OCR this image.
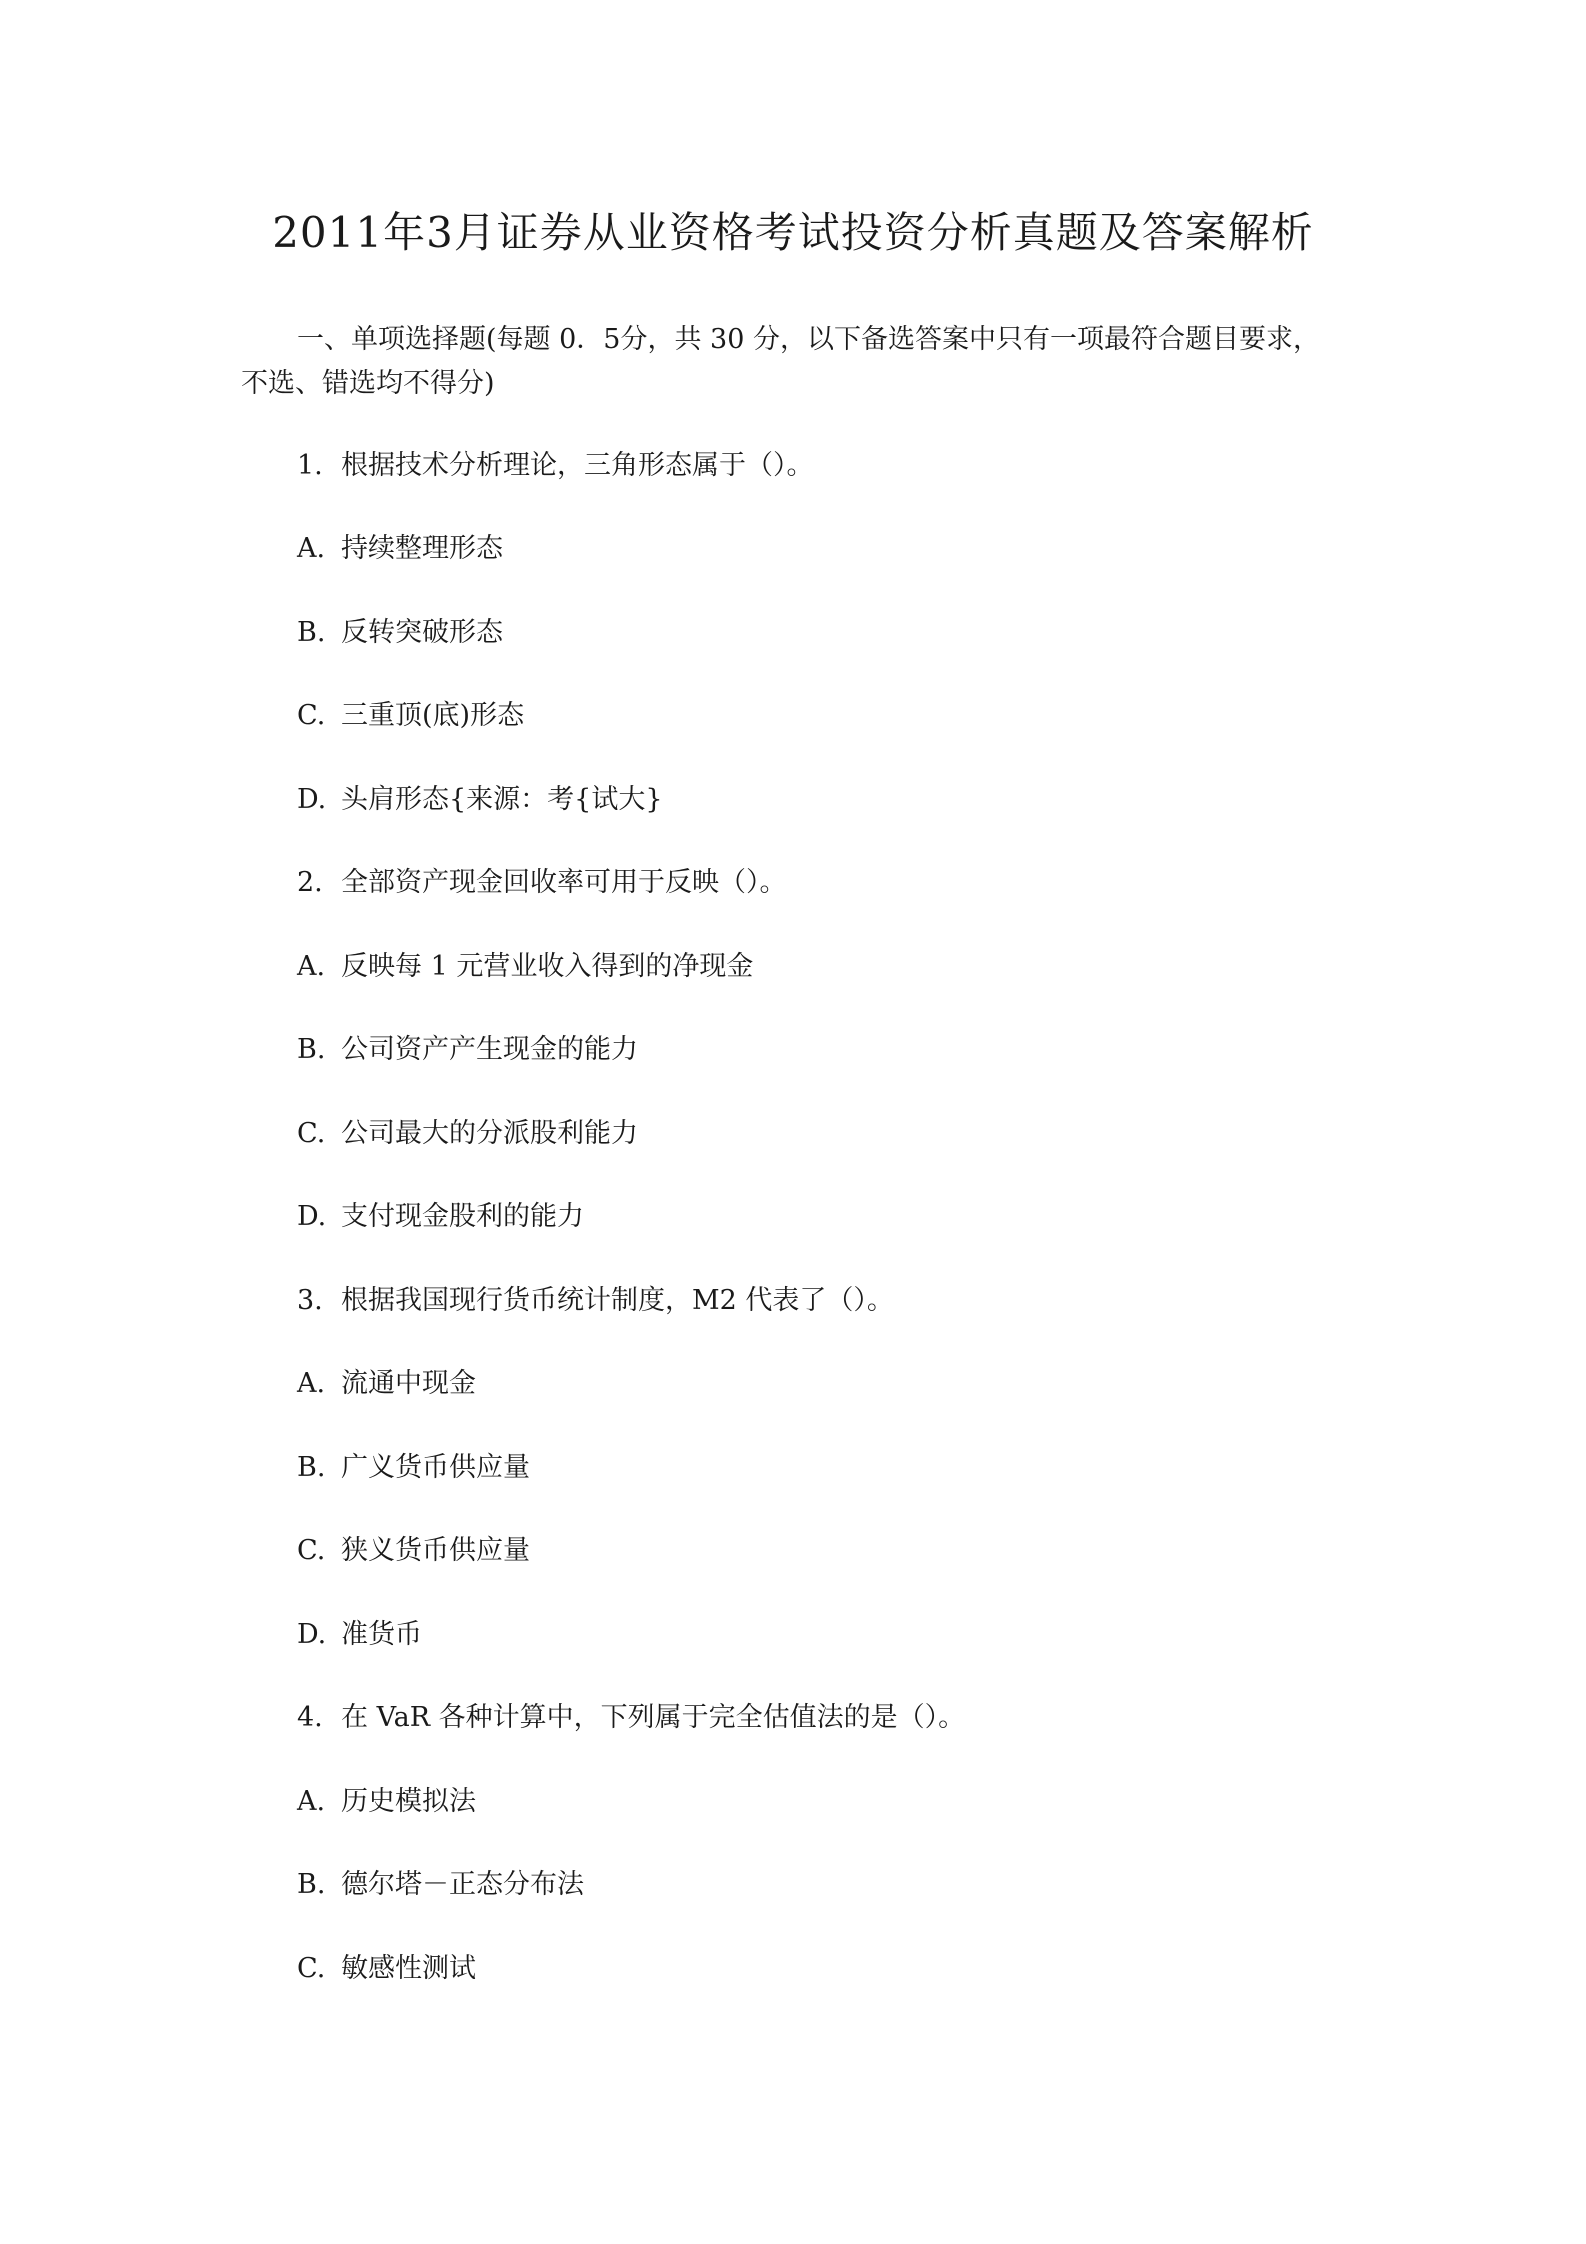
2011年3月证券从业资格考试投资分析真题及答案解析
一、单项选择题(每题 0．5分，共 30 分，以下备选答案中只有一项最符合题目要求，
不选、错选均不得分)
1. 根据技术分析理论，三角形态属于（）。
A. 持续整理形态
B. 反转突破形态
C. 三重顶(底)形态
D. 头肩形态{来源：考{试大}
2. 全部资产现金回收率可用于反映（）。
A. 反映每 1 元营业收入得到的净现金
B. 公司资产产生现金的能力
C. 公司最大的分派股利能力
D. 支付现金股利的能力
3. 根据我国现行货币统计制度，M2 代表了（）。
A. 流通中现金
B. 广义货币供应量
C. 狭义货币供应量
D. 准货币
4. 在 VaR 各种计算中，下列属于完全估值法的是（）。
A. 历史模拟法
B. 德尔塔－正态分布法
C. 敏感性测试
